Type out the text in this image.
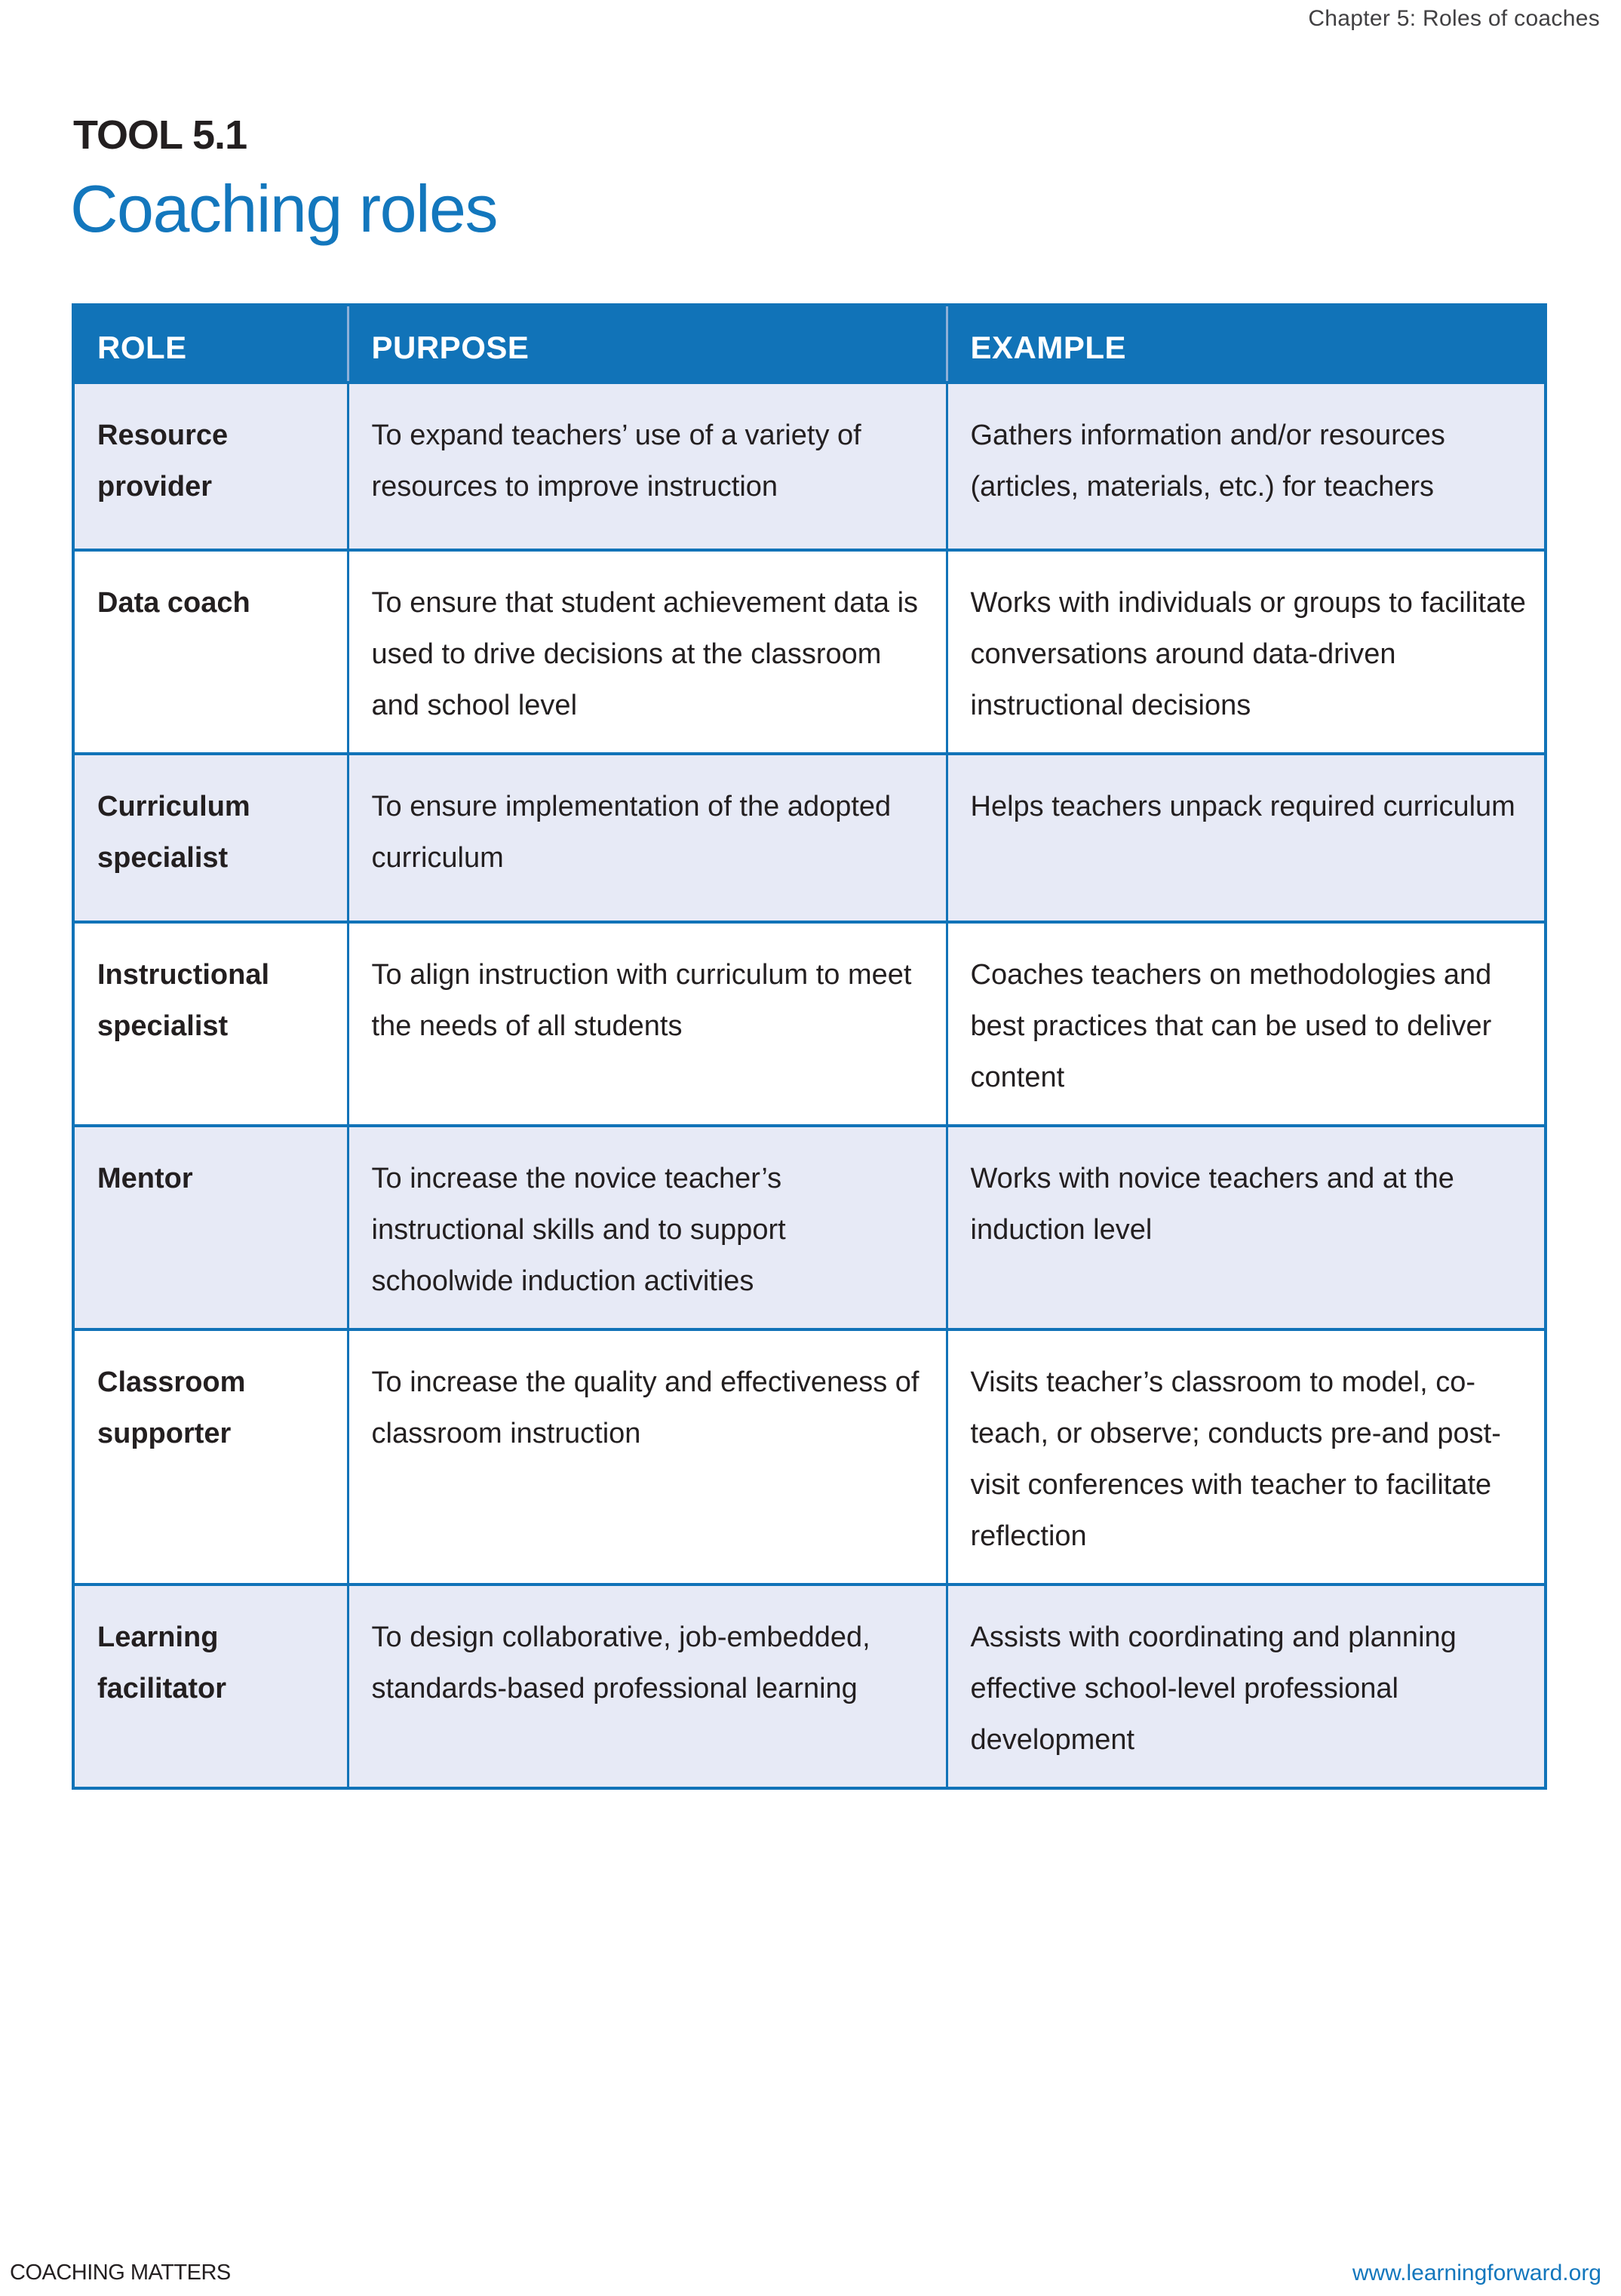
Chapter 5: Roles of coaches
TOOL 5.1
Coaching roles
ROLE	PURPOSE	EXAMPLE
Resource provider	To expand teachers’ use of a variety of resources to improve instruction	Gathers information and/or resources (articles, materials, etc.) for teachers
Data coach	To ensure that student achievement data is used to drive decisions at the classroom and school level	Works with individuals or groups to facilitate conversations around data-driven instructional decisions
Curriculum specialist	To ensure implementation of the adopted curriculum	Helps teachers unpack required curriculum
Instructional specialist	To align instruction with curriculum to meet the needs of all students	Coaches teachers on methodologies and best practices that can be used to deliver content
Mentor	To increase the novice teacher’s instructional skills and to support schoolwide induction activities	Works with novice teachers and at the induction level
Classroom supporter	To increase the quality and effectiveness of classroom instruction	Visits teacher’s classroom to model, co-teach, or observe; conducts pre-and post-visit conferences with teacher to facilitate reflection
Learning facilitator	To design collaborative, job-embedded, standards-based professional learning	Assists with coordinating and planning effective school-level professional development
COACHING MATTERS	www.learningforward.org
